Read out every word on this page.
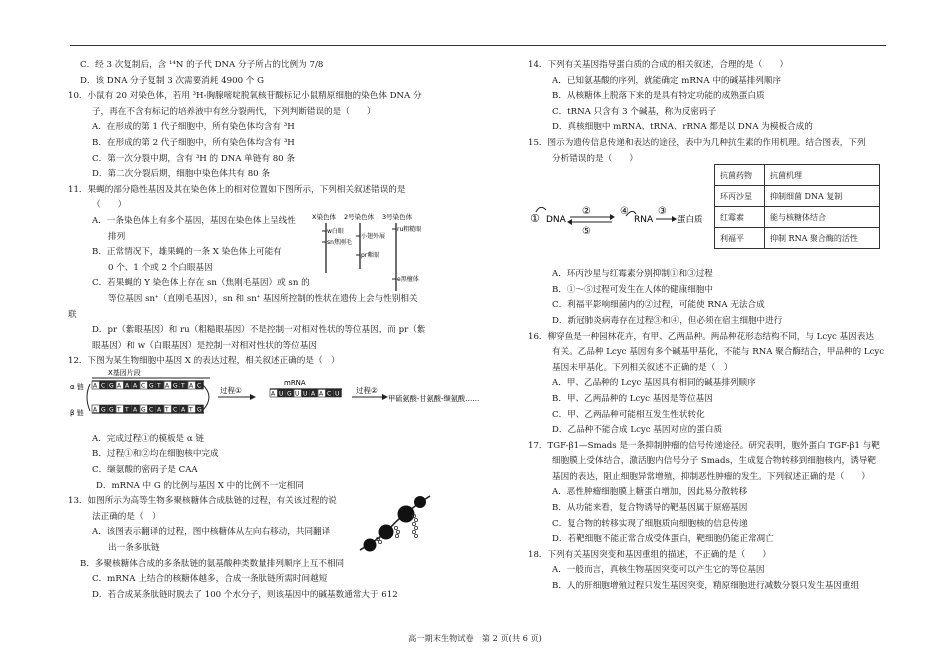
C．经 3 次复制后，含 ¹⁴N 的子代 DNA 分子所占的比例为 7/8
D．该 DNA 分子复制 3 次需要消耗 4900 个 G
10．小鼠有 20 对染色体，若用 ³H-胸腺嘧啶脱氧核苷酸标记小鼠精原细胞的染色体 DNA 分
子，再在不含有标记的培养液中有丝分裂两代，下列判断错误的是（　　）
A．在形成的第 1 代子细胞中，所有染色体均含有 ³H
B．在形成的第 2 代子细胞中，所有染色体均含有 ³H
C．第一次分裂中期，含有 ³H 的 DNA 单链有 80 条
D．第二次分裂后期，细胞中染色体共有 80 条
11．果蝇的部分隐性基因及其在染色体上的相对位置如下图所示，下列相关叙述错误的是
（　　）
A．一条染色体上有多个基因，基因在染色体上呈线性
排列
B．正常情况下，雄果蝇的一条 X 染色体上可能有
0 个、1 个或 2 个白眼基因
C．若果蝇的 Y 染色体上存在 sn（焦刚毛基因）或 sn 的
等位基因 snᐩ（直刚毛基因），sn 和 snᐩ 基因所控制的性状在遗传上会与性别相关
联
D．pr（紫眼基因）和 ru（粗糙眼基因）不是控制一对相对性状的等位基因，而 pr（紫
眼基因）和 w（白眼基因）是控制一对相对性状的等位基因
12．下图为某生物细胞中基因 X 的表达过程，相关叙述正确的是（　）
A．完成过程①的模板是 α 链
B．过程①和②均在细胞核中完成
C．缬氨酸的密码子是 CAA
D．mRNA 中 G 的比例与基因 X 中的比例不一定相同
13．如图所示为高等生物多聚核糖体合成肽链的过程，有关该过程的说
法正确的是（　）
A．该图表示翻译的过程，图中核糖体从左向右移动，共同翻译
出一条多肽链
B．多聚核糖体合成的多条肽链的氨基酸种类数量排列顺序上互不相同
C．mRNA 上结合的核糖体越多，合成一条肽链所需时间越短
D．若合成某条肽链时脱去了 100 个水分子，则该基因中的碱基数通常大于 612
X染色体 2号染色体 3号染色体
w白眼
sn焦刚毛
小翅外展
pr紫眼
ru粗糙眼
e黑檀体
X基因片段
α 链
β 链
A C G A A A C G T A G T A C
A G G T T A G C A T C A T G
过程①
mRNA
A U G U U A A C U 过程②
甲硫氨酸-甘氨酸-缬氨酸……
14．下列有关基因指导蛋白质的合成的相关叙述，合理的是（　　）
A．已知氨基酸的序列，就能确定 mRNA 中的碱基排列顺序
B．从核糖体上脱落下来的是具有特定功能的成熟蛋白质
C．tRNA 只含有 3 个碱基，称为反密码子
D．真核细胞中 mRNA、tRNA、rRNA 都是以 DNA 为模板合成的
15．图示为遗传信息传递和表达的途径，表中为几种抗生素的作用机理。结合图表，下列
分析错误的是（　　）
A．环丙沙星与红霉素分别抑制①和③过程
B．①～⑤过程可发生在人体的健康细胞中
C．利福平影响细菌内的②过程，可能使 RNA 无法合成
D．新冠肺炎病毒存在过程③和④，但必须在宿主细胞中进行
16．柳穿鱼是一种园林花卉，有甲、乙两品种。两品种花形态结构不同，与 Lcyc 基因表达
有关。乙品种 Lcyc 基因有多个碱基甲基化，不能与 RNA 聚合酶结合，甲品种的 Lcyc
基因未甲基化。下列相关叙述不正确的是（　）
A．甲、乙品种的 Lcyc 基因具有相同的碱基排列顺序
B．甲、乙两品种的 Lcyc 基因是等位基因
C．甲、乙两品种可能相互发生性状转化
D．乙品种不能合成 Lcyc 基因对应的蛋白质
17．TGF-β1—Smads 是一条抑制肿瘤的信号传递途径。研究表明，胞外蛋白 TGF-β1 与靶
细胞膜上受体结合，激活胞内信号分子 Smads，生成复合物转移到细胞核内，诱导靶
基因的表达，阻止细胞异常增殖，抑制恶性肿瘤的发生。下列叙述正确的是（　　）
A．恶性肿瘤细胞膜上糖蛋白增加，因此易分散转移
B．从功能来看，复合物诱导的靶基因属于原癌基因
C．复合物的转移实现了细胞质向细胞核的信息传递
D．若靶细胞不能正常合成受体蛋白，靶细胞仍能正常凋亡
18．下列有关基因突变和基因重组的描述，不正确的是（　　）
A．一般而言，真核生物基因突变可以产生它的等位基因
B．人的肝细胞增殖过程只发生基因突变，精原细胞进行减数分裂只发生基因重组
① DNA
②
⑤
④
RNA
③
蛋白质
抗菌药物	抗菌机理
环丙沙星	抑制细菌 DNA 复制
红霉素	能与核糖体结合
利福平	抑制 RNA 聚合酶的活性
高一期末生物试卷　第 2 页(共 6 页)
